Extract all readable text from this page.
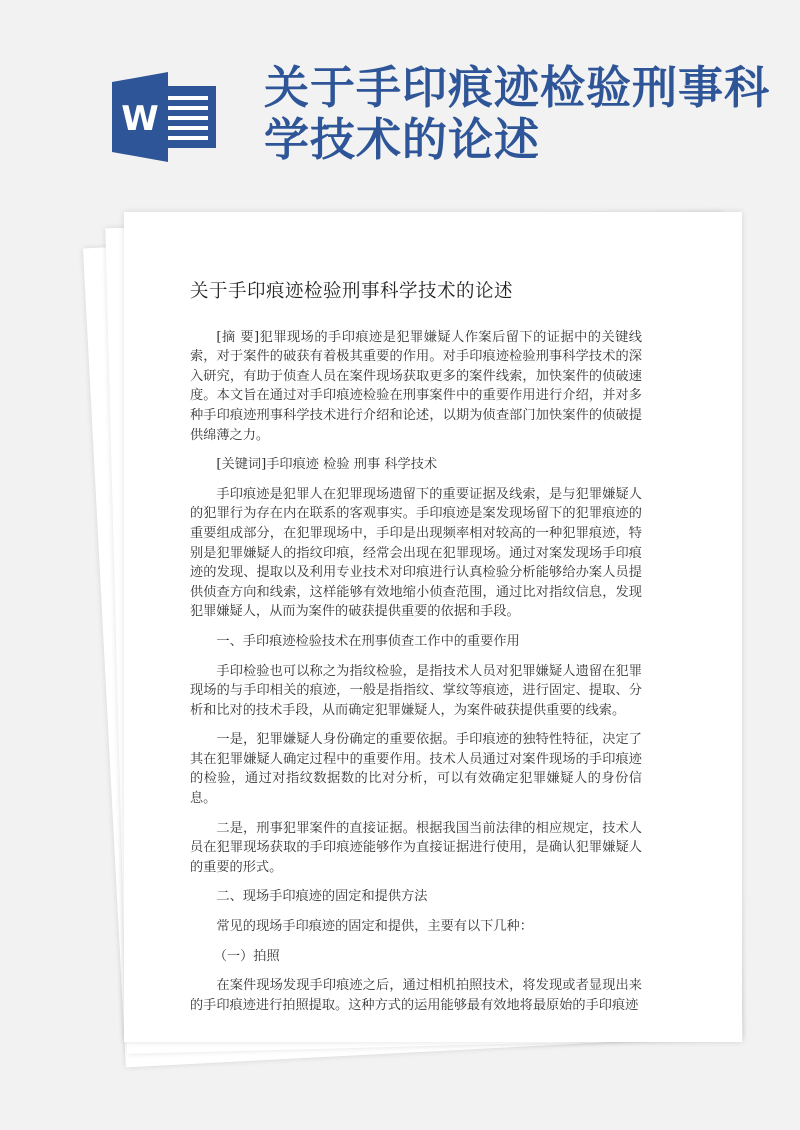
W
关于手印痕迹检验刑事科学技术的论述
关于手印痕迹检验刑事科学技术的论述

[摘 要]犯罪现场的手印痕迹是犯罪嫌疑人作案后留下的证据中的关键线索，对于案件的破获有着极其重要的作用。对手印痕迹检验刑事科学技术的深入研究，有助于侦查人员在案件现场获取更多的案件线索，加快案件的侦破速度。本文旨在通过对手印痕迹检验在刑事案件中的重要作用进行介绍，并对多种手印痕迹刑事科学技术进行介绍和论述，以期为侦查部门加快案件的侦破提供绵薄之力。

[关键词]手印痕迹 检验 刑事 科学技术

手印痕迹是犯罪人在犯罪现场遗留下的重要证据及线索，是与犯罪嫌疑人的犯罪行为存在内在联系的客观事实。手印痕迹是案发现场留下的犯罪痕迹的重要组成部分，在犯罪现场中，手印是出现频率相对较高的一种犯罪痕迹，特别是犯罪嫌疑人的指纹印痕，经常会出现在犯罪现场。通过对案发现场手印痕迹的发现、提取以及利用专业技术对印痕进行认真检验分析能够给办案人员提供侦查方向和线索，这样能够有效地缩小侦查范围，通过比对指纹信息，发现犯罪嫌疑人，从而为案件的破获提供重要的依据和手段。

一、手印痕迹检验技术在刑事侦查工作中的重要作用

手印检验也可以称之为指纹检验，是指技术人员对犯罪嫌疑人遗留在犯罪现场的与手印相关的痕迹，一般是指指纹、掌纹等痕迹，进行固定、提取、分析和比对的技术手段，从而确定犯罪嫌疑人，为案件破获提供重要的线索。

一是，犯罪嫌疑人身份确定的重要依据。手印痕迹的独特性特征，决定了其在犯罪嫌疑人确定过程中的重要作用。技术人员通过对案件现场的手印痕迹的检验，通过对指纹数据数的比对分析，可以有效确定犯罪嫌疑人的身份信息。

二是，刑事犯罪案件的直接证据。根据我国当前法律的相应规定，技术人员在犯罪现场获取的手印痕迹能够作为直接证据进行使用，是确认犯罪嫌疑人的重要的形式。

二、现场手印痕迹的固定和提供方法

常见的现场手印痕迹的固定和提供，主要有以下几种：

（一）拍照

在案件现场发现手印痕迹之后，通过相机拍照技术，将发现或者显现出来的手印痕迹进行拍照提取。这种方式的运用能够最有效地将最原始的手印痕迹
